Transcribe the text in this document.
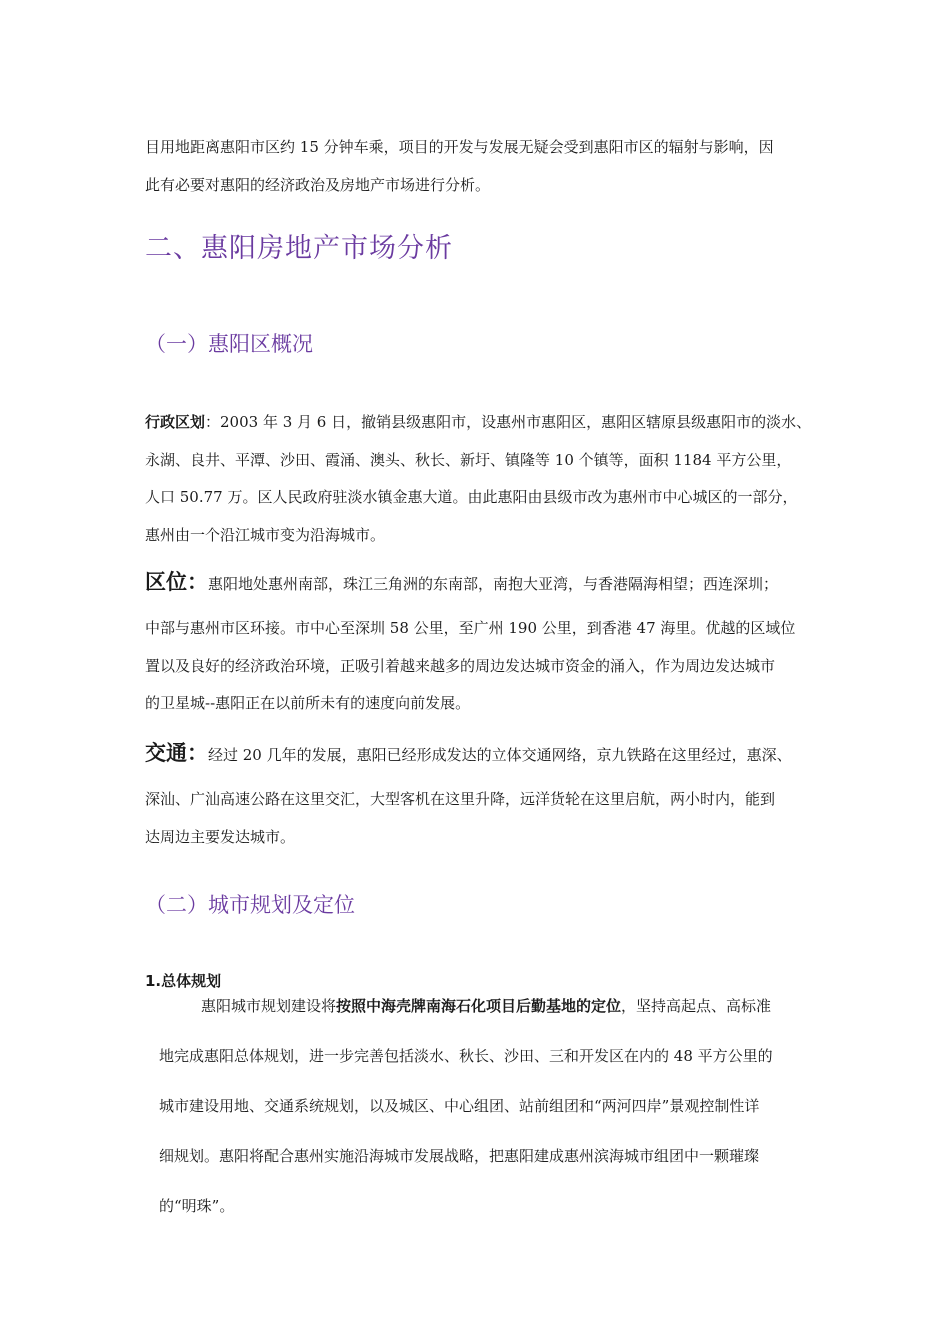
目用地距离惠阳市区约 15 分钟车乘，项目的开发与发展无疑会受到惠阳市区的辐射与影响，因
此有必要对惠阳的经济政治及房地产市场进行分析。
二、惠阳房地产市场分析
（一）惠阳区概况
行政区划：2003 年 3 月 6 日，撤销县级惠阳市，设惠州市惠阳区，惠阳区辖原县级惠阳市的淡水、
永湖、良井、平潭、沙田、霞涌、澳头、秋长、新圩、镇隆等 10 个镇等，面积 1184 平方公里，
人口 50.77 万。区人民政府驻淡水镇金惠大道。由此惠阳由县级市改为惠州市中心城区的一部分，
惠州由一个沿江城市变为沿海城市。
区位：惠阳地处惠州南部，珠江三角洲的东南部，南抱大亚湾，与香港隔海相望；西连深圳；
中部与惠州市区环接。市中心至深圳 58 公里，至广州 190 公里，到香港 47 海里。优越的区域位
置以及良好的经济政治环境，正吸引着越来越多的周边发达城市资金的涌入，作为周边发达城市
的卫星城--惠阳正在以前所未有的速度向前发展。
交通：经过 20 几年的发展，惠阳已经形成发达的立体交通网络，京九铁路在这里经过，惠深、
深汕、广汕高速公路在这里交汇，大型客机在这里升降，远洋货轮在这里启航，两小时内，能到
达周边主要发达城市。
（二）城市规划及定位
1.总体规划
惠阳城市规划建设将按照中海壳牌南海石化项目后勤基地的定位，坚持高起点、高标准
地完成惠阳总体规划，进一步完善包括淡水、秋长、沙田、三和开发区在内的 48 平方公里的
城市建设用地、交通系统规划，以及城区、中心组团、站前组团和“两河四岸”景观控制性详
细规划。惠阳将配合惠州实施沿海城市发展战略，把惠阳建成惠州滨海城市组团中一颗璀璨
的“明珠”。
